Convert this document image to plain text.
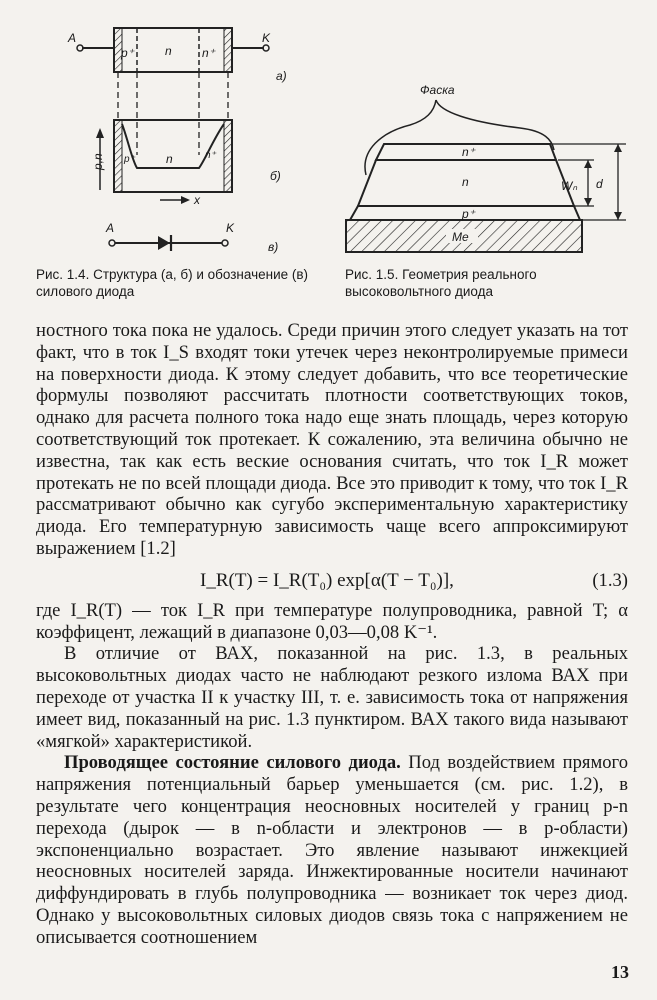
A	K
p⁺	n	n⁺
a)
p,n
x
p⁺	n	n⁺
б)
A	K
в)
Фаска
n⁺
n
p⁺
Me
Wₙ d
Рис. 1.4. Структура (а, б) и обозначение (в) силового диода
Рис. 1.5. Геометрия реального высоковольтного диода

ностного тока пока не удалось. Среди причин этого следует указать на тот факт, что в ток I_S входят токи утечек через неконтролируемые примеси на поверхности диода. К этому следует добавить, что все теоретические формулы позволяют рассчитать плотности соответствующих токов, однако для расчета полного тока надо еще знать площадь, через которую соответствующий ток протекает. К сожалению, эта величина обычно не известна, так как есть веские основания считать, что ток I_R может протекать не по всей площади диода. Все это приводит к тому, что ток I_R рассматривают обычно как сугубо экспериментальную характеристику диода. Его температурную зависимость чаще всего аппроксимируют выражением [1.2]

I_R(T) = I_R(T₀) exp[α(T − T₀)],	(1.3)

где I_R(T) — ток I_R при температуре полупроводника, равной T; α коэффицент, лежащий в диапазоне 0,03—0,08 K⁻¹.

В отличие от ВАХ, показанной на рис. 1.3, в реальных высоковольтных диодах часто не наблюдают резкого излома ВАХ при переходе от участка II к участку III, т. е. зависимость тока от напряжения имеет вид, показанный на рис. 1.3 пунктиром. ВАХ такого вида называют «мягкой» характеристикой.

Проводящее состояние силового диода. Под воздействием прямого напряжения потенциальный барьер уменьшается (см. рис. 1.2), в результате чего концентрация неосновных носителей у границ p-n перехода (дырок — в n-области и электронов — в p-области) экспоненциально возрастает. Это явление называют инжекцией неосновных носителей заряда. Инжектированные носители начинают диффундировать в глубь полупроводника — возникает ток через диод. Однако у высоковольтных силовых диодов связь тока с напряжением не описывается соотношением

13
